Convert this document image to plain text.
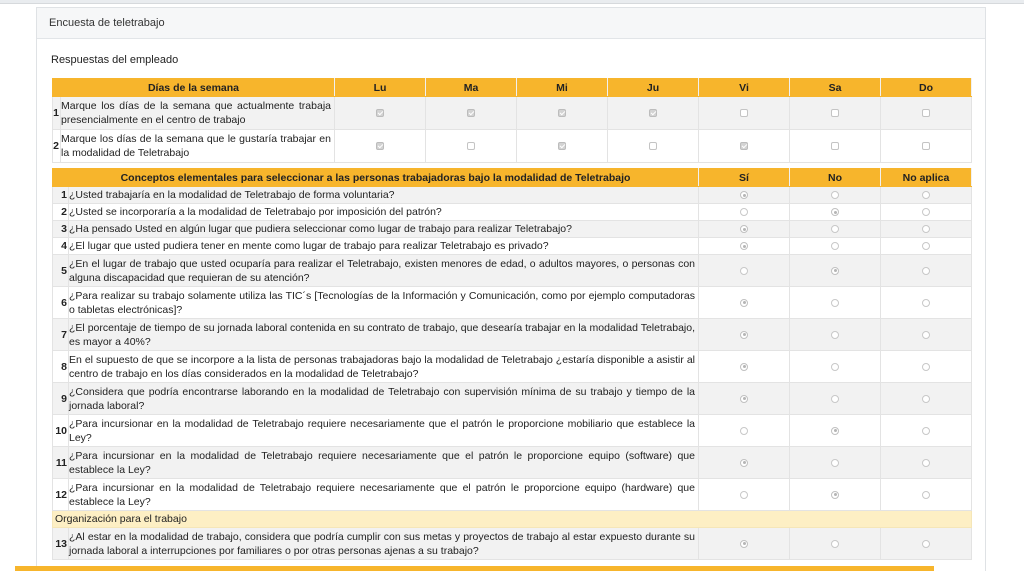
Encuesta de teletrabajo
Respuestas del empleado
Días de la semana		Lu	Ma	Mi	Ju	Vi	Sa	Do
1	Marque los días de la semana que actualmente trabaja presencialmente en el centro de trabajo							
2	Marque los días de la semana que le gustaría trabajar en la modalidad de Teletrabajo							
Conceptos elementales para seleccionar a las personas trabajadoras bajo la modalidad de Teletrabajo		Sí	No	No aplica
1	¿Usted trabajaría en la modalidad de Teletrabajo de forma voluntaria?			
2	¿Usted se incorporaría a la modalidad de Teletrabajo por imposición del patrón?			
3	¿Ha pensado Usted en algún lugar que pudiera seleccionar como lugar de trabajo para realizar Teletrabajo?			
4	¿El lugar que usted pudiera tener en mente como lugar de trabajo para realizar Teletrabajo es privado?			
5	¿En el lugar de trabajo que usted ocuparía para realizar el Teletrabajo, existen menores de edad, o adultos mayores, o personas con alguna discapacidad que requieran de su atención?			
6	¿Para realizar su trabajo solamente utiliza las TIC´s [Tecnologías de la Información y Comunicación, como por ejemplo computadoras o tabletas electrónicas]?			
7	¿El porcentaje de tiempo de su jornada laboral contenida en su contrato de trabajo, que desearía trabajar en la modalidad Teletrabajo, es mayor a 40%?			
8	En el supuesto de que se incorpore a la lista de personas trabajadoras bajo la modalidad de Teletrabajo ¿estaría disponible a asistir al centro de trabajo en los días considerados en la modalidad de Teletrabajo?			
9	¿Considera que podría encontrarse laborando en la modalidad de Teletrabajo con supervisión mínima de su trabajo y tiempo de la jornada laboral?			
10	¿Para incursionar en la modalidad de Teletrabajo requiere necesariamente que el patrón le proporcione mobiliario que establece la Ley?			
11	¿Para incursionar en la modalidad de Teletrabajo requiere necesariamente que el patrón le proporcione equipo (software) que establece la Ley?			
12	¿Para incursionar en la modalidad de Teletrabajo requiere necesariamente que el patrón le proporcione equipo (hardware) que establece la Ley?			
Organización para el trabajo				
13	¿Al estar en la modalidad de trabajo, considera que podría cumplir con sus metas y proyectos de trabajo al estar expuesto durante su jornada laboral a interrupciones por familiares o por otras personas ajenas a su trabajo?			
